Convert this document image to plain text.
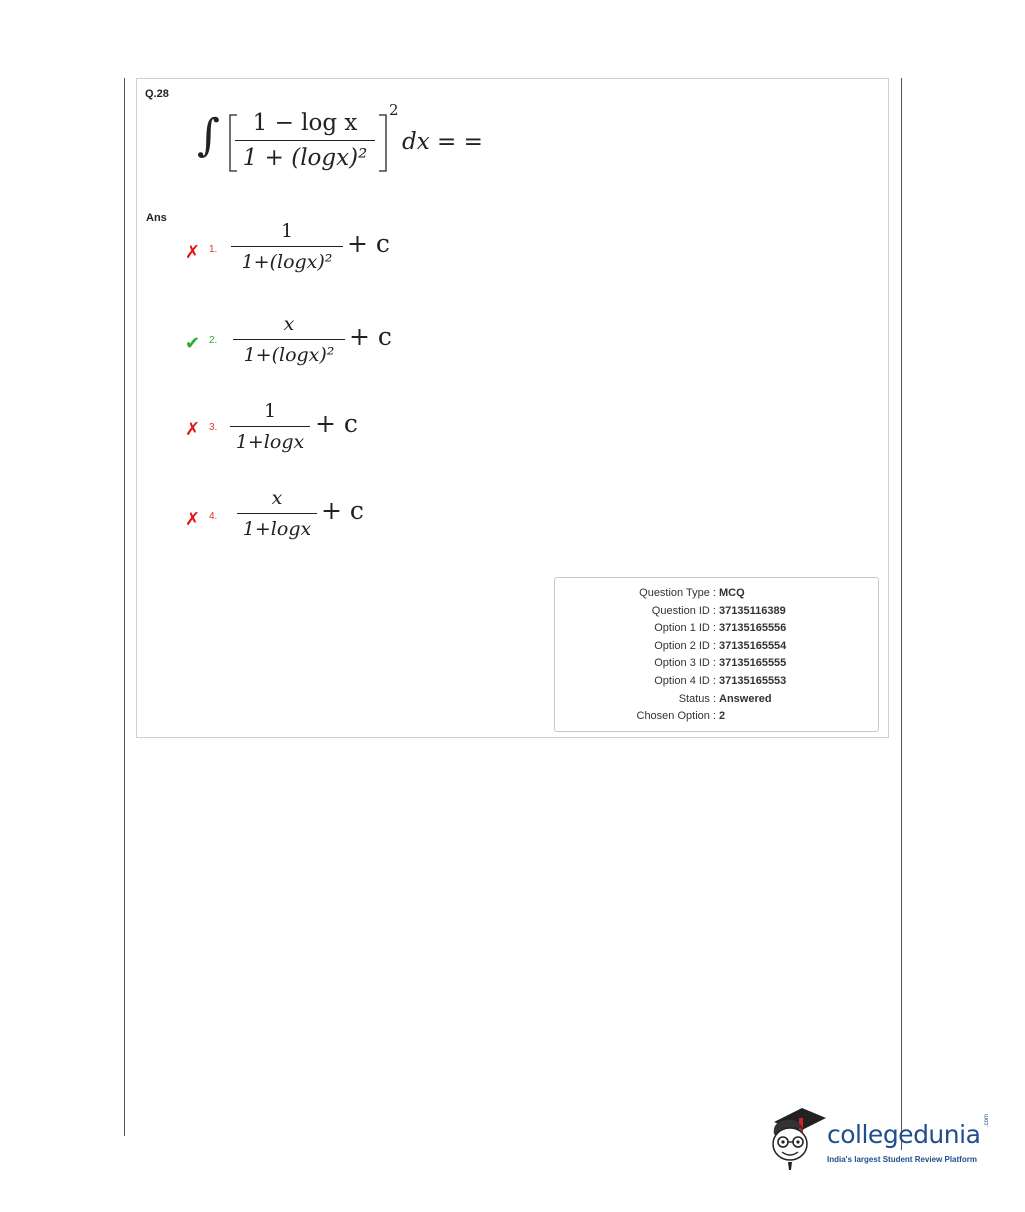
Q.28
∫	1 − log x
1 + (logx)²
2
dx = =
Ans
✗ 1.
1
1+(logx)²
+ c
✔ 2.
x
1+(logx)²
+ c
✗ 3.
1
1+logx
+ c
✗ 4.
x
1+logx
+ c
Question Type : MCQ
Question ID : 37135116389
Option 1 ID : 37135165556
Option 2 ID : 37135165554
Option 3 ID : 37135165555
Option 4 ID : 37135165553
Status : Answered
Chosen Option : 2
collegedunia .com
India's largest Student Review Platform
